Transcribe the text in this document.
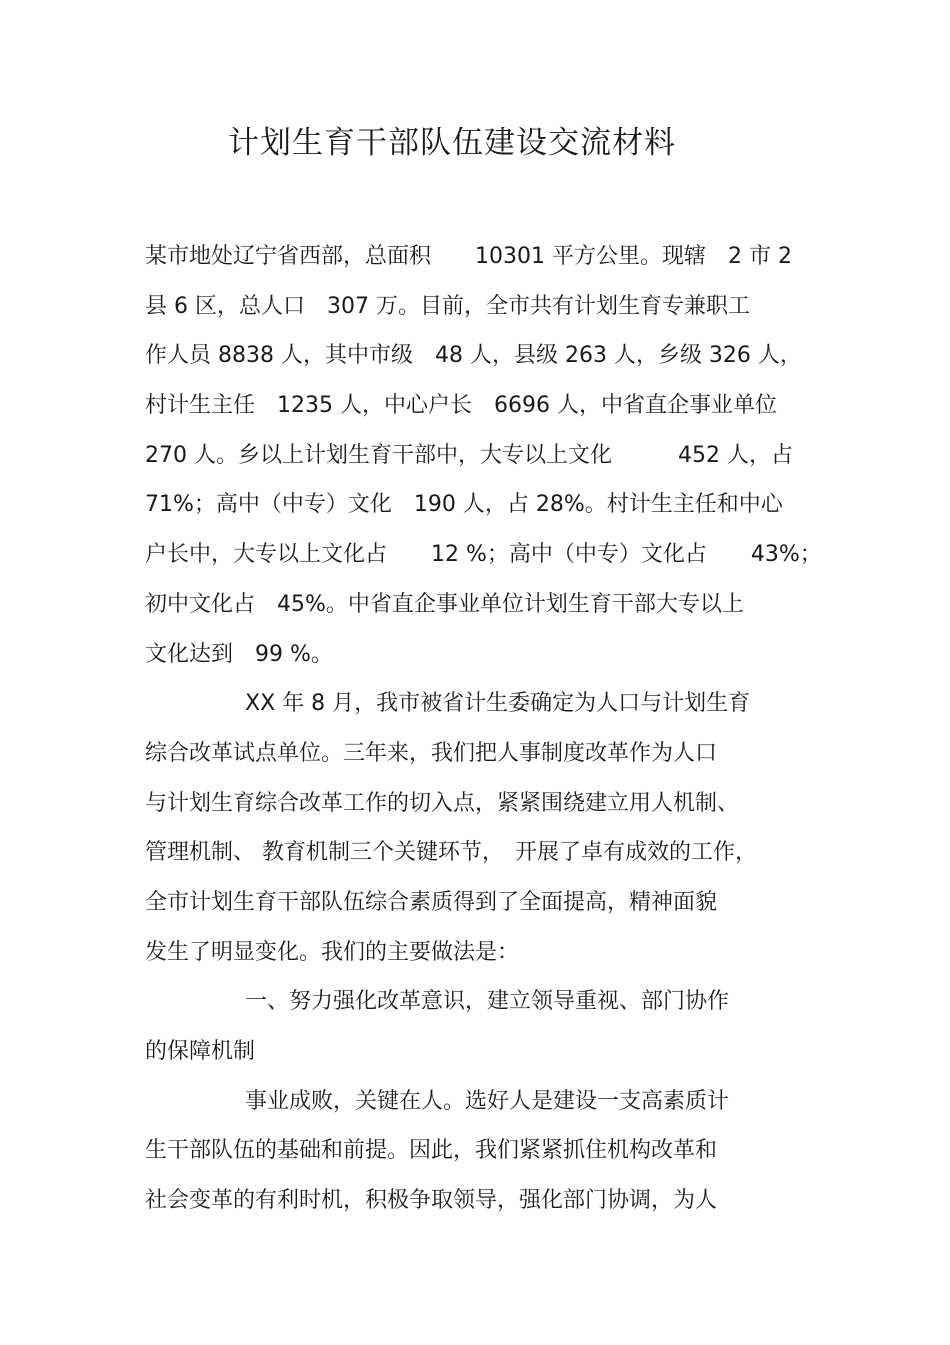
计划生育干部队伍建设交流材料
某市地处辽宁省西部，总面积　　10301 平方公里。现辖　2 市 2
县 6 区，总人口　307 万。目前，全市共有计划生育专兼职工
作人员 8838 人，其中市级　48 人，县级 263 人，乡级 326 人，
村计生主任　1235 人，中心户长　6696 人，中省直企事业单位
270 人。乡以上计划生育干部中，大专以上文化　　　452 人，占
71%；高中（中专）文化　190 人，占 28%。村计生主任和中心
户长中，大专以上文化占　　12 %；高中（中专）文化占　　43%；
初中文化占　45%。中省直企事业单位计划生育干部大专以上
文化达到　99 %。
XX 年 8 月，我市被省计生委确定为人口与计划生育
综合改革试点单位。三年来，我们把人事制度改革作为人口
与计划生育综合改革工作的切入点，紧紧围绕建立用人机制、
管理机制、 教育机制三个关键环节，　开展了卓有成效的工作，
全市计划生育干部队伍综合素质得到了全面提高，精神面貌
发生了明显变化。我们的主要做法是：
一、努力强化改革意识，建立领导重视、部门协作
的保障机制
事业成败，关键在人。选好人是建设一支高素质计
生干部队伍的基础和前提。因此，我们紧紧抓住机构改革和
社会变革的有利时机，积极争取领导，强化部门协调，为人
